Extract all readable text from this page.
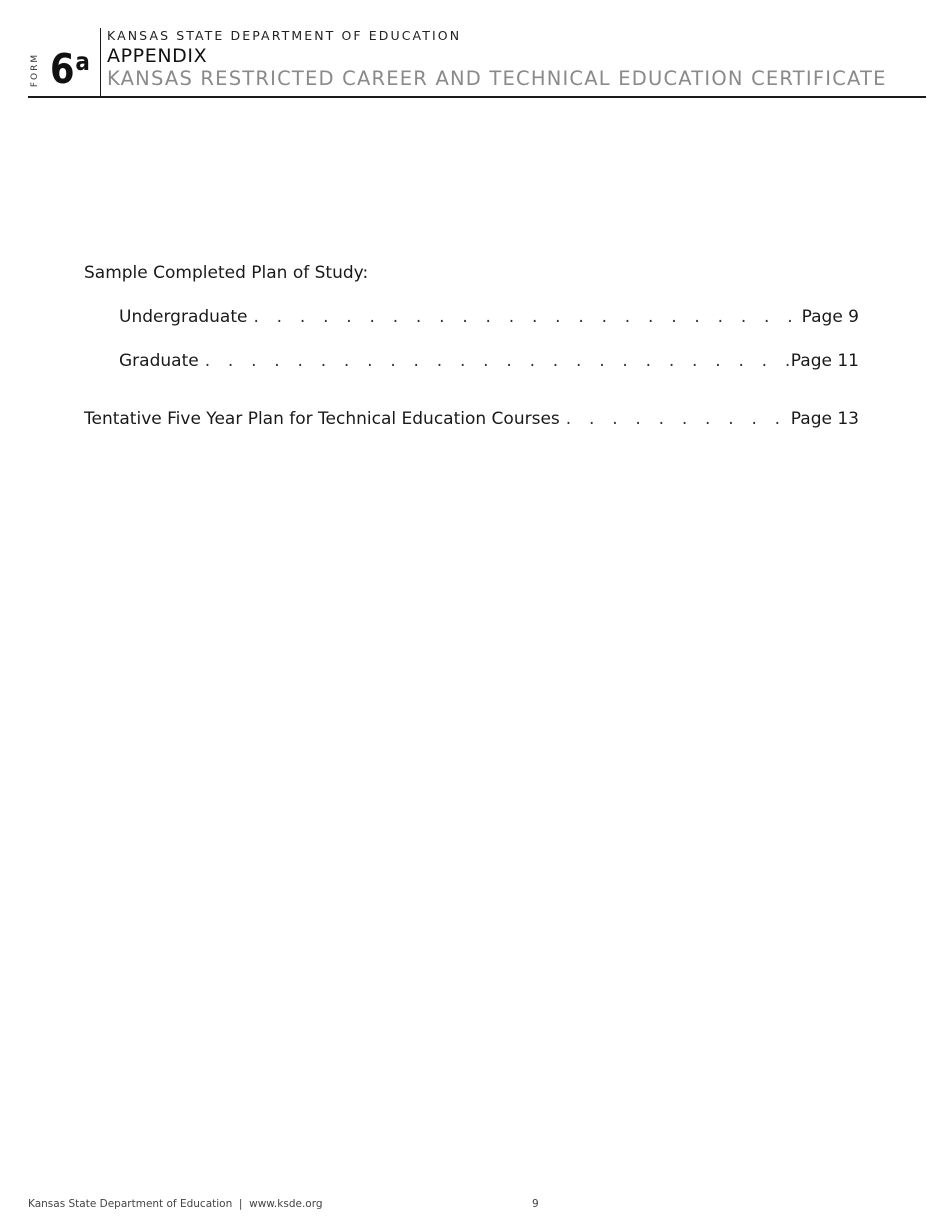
FORM 6 $^a$
KANSAS STATE DEPARTMENT OF EDUCATION
APPENDIX
KANSAS RESTRICTED CAREER AND TECHNICAL EDUCATION CERTIFICATE
Sample Completed Plan of Study:
Undergraduate . . .	Page 9
Graduate . . .	Page 11
Tentative Five Year Plan for Technical Education Courses . . .	Page 13
Kansas State Department of Education  |  www.ksde.org	9
